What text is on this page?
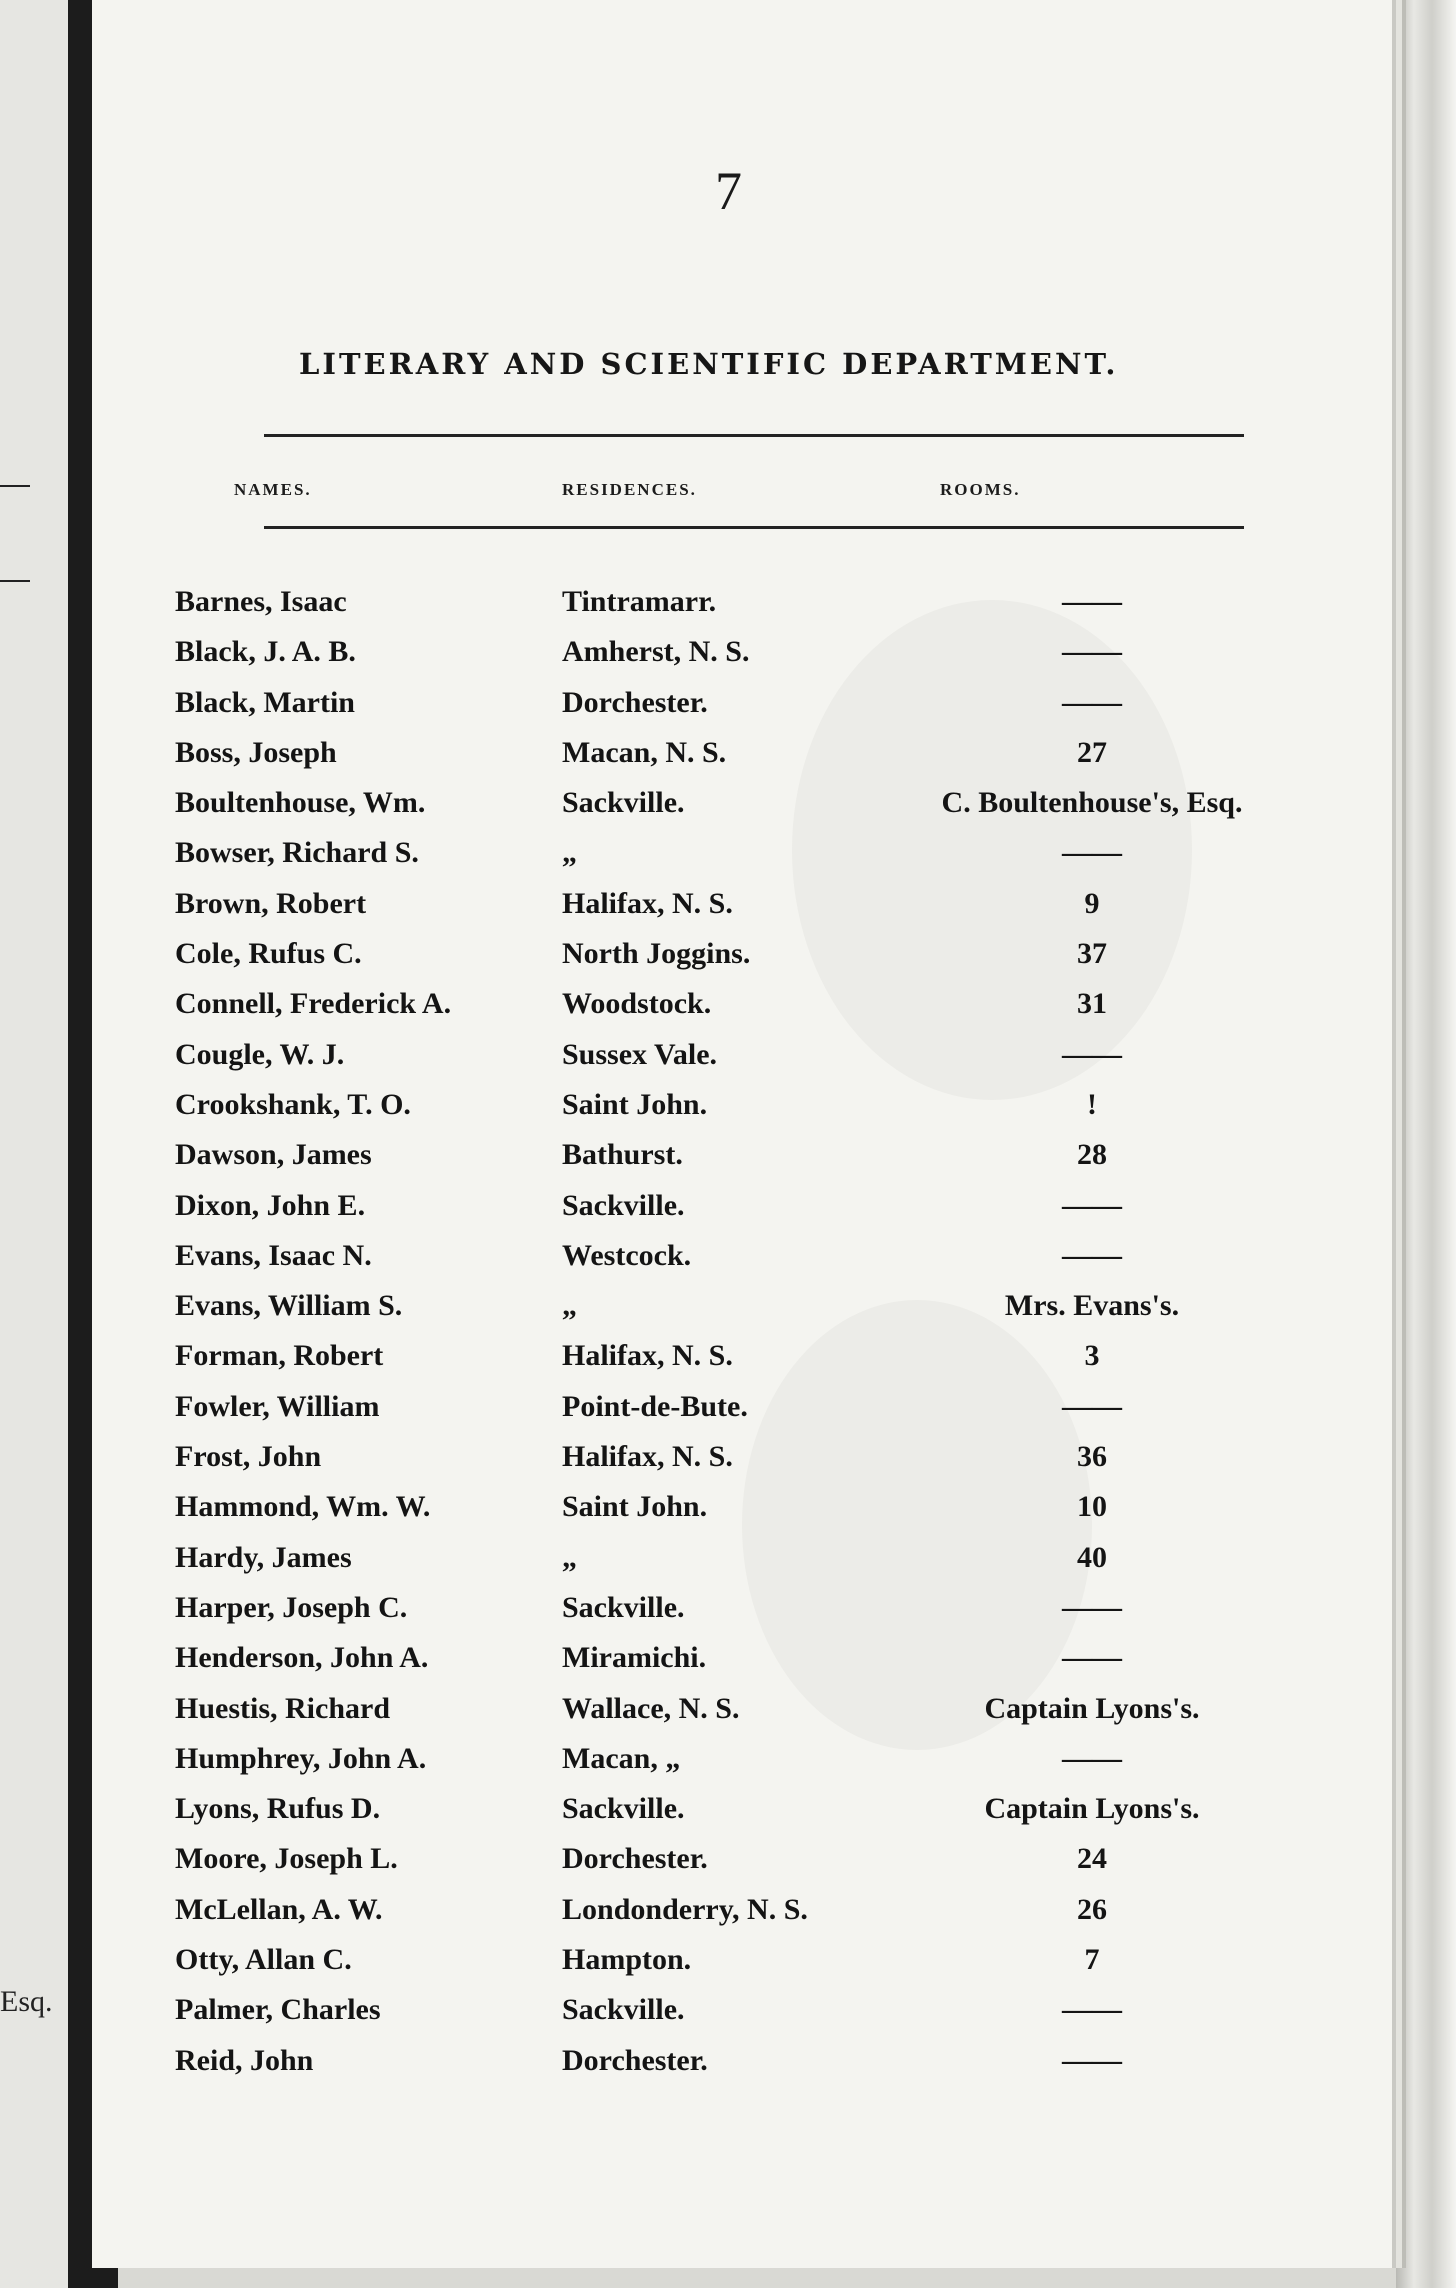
Esq.
7
LITERARY AND SCIENTIFIC DEPARTMENT.
NAMES.	RESIDENCES.	ROOMS.
Barnes, Isaac	Tintramarr.	——
Black, J. A. B.	Amherst, N. S.	——
Black, Martin	Dorchester.	——
Boss, Joseph	Macan, N. S.	27
Boultenhouse, Wm.	Sackville.	C. Boultenhouse's, Esq.
Bowser, Richard S.	„	——
Brown, Robert	Halifax, N. S.	9
Cole, Rufus C.	North Joggins.	37
Connell, Frederick A.	Woodstock.	31
Cougle, W. J.	Sussex Vale.	——
Crookshank, T. O.	Saint John.	!
Dawson, James	Bathurst.	28
Dixon, John E.	Sackville.	——
Evans, Isaac N.	Westcock.	——
Evans, William S.	„	Mrs. Evans's.
Forman, Robert	Halifax, N. S.	3
Fowler, William	Point-de-Bute.	——
Frost, John	Halifax, N. S.	36
Hammond, Wm. W.	Saint John.	10
Hardy, James	„	40
Harper, Joseph C.	Sackville.	——
Henderson, John A.	Miramichi.	——
Huestis, Richard	Wallace, N. S.	Captain Lyons's.
Humphrey, John A.	Macan, „	——
Lyons, Rufus D.	Sackville.	Captain Lyons's.
Moore, Joseph L.	Dorchester.	24
McLellan, A. W.	Londonderry, N. S.	26
Otty, Allan C.	Hampton.	7
Palmer, Charles	Sackville.	——
Reid, John	Dorchester.	——
